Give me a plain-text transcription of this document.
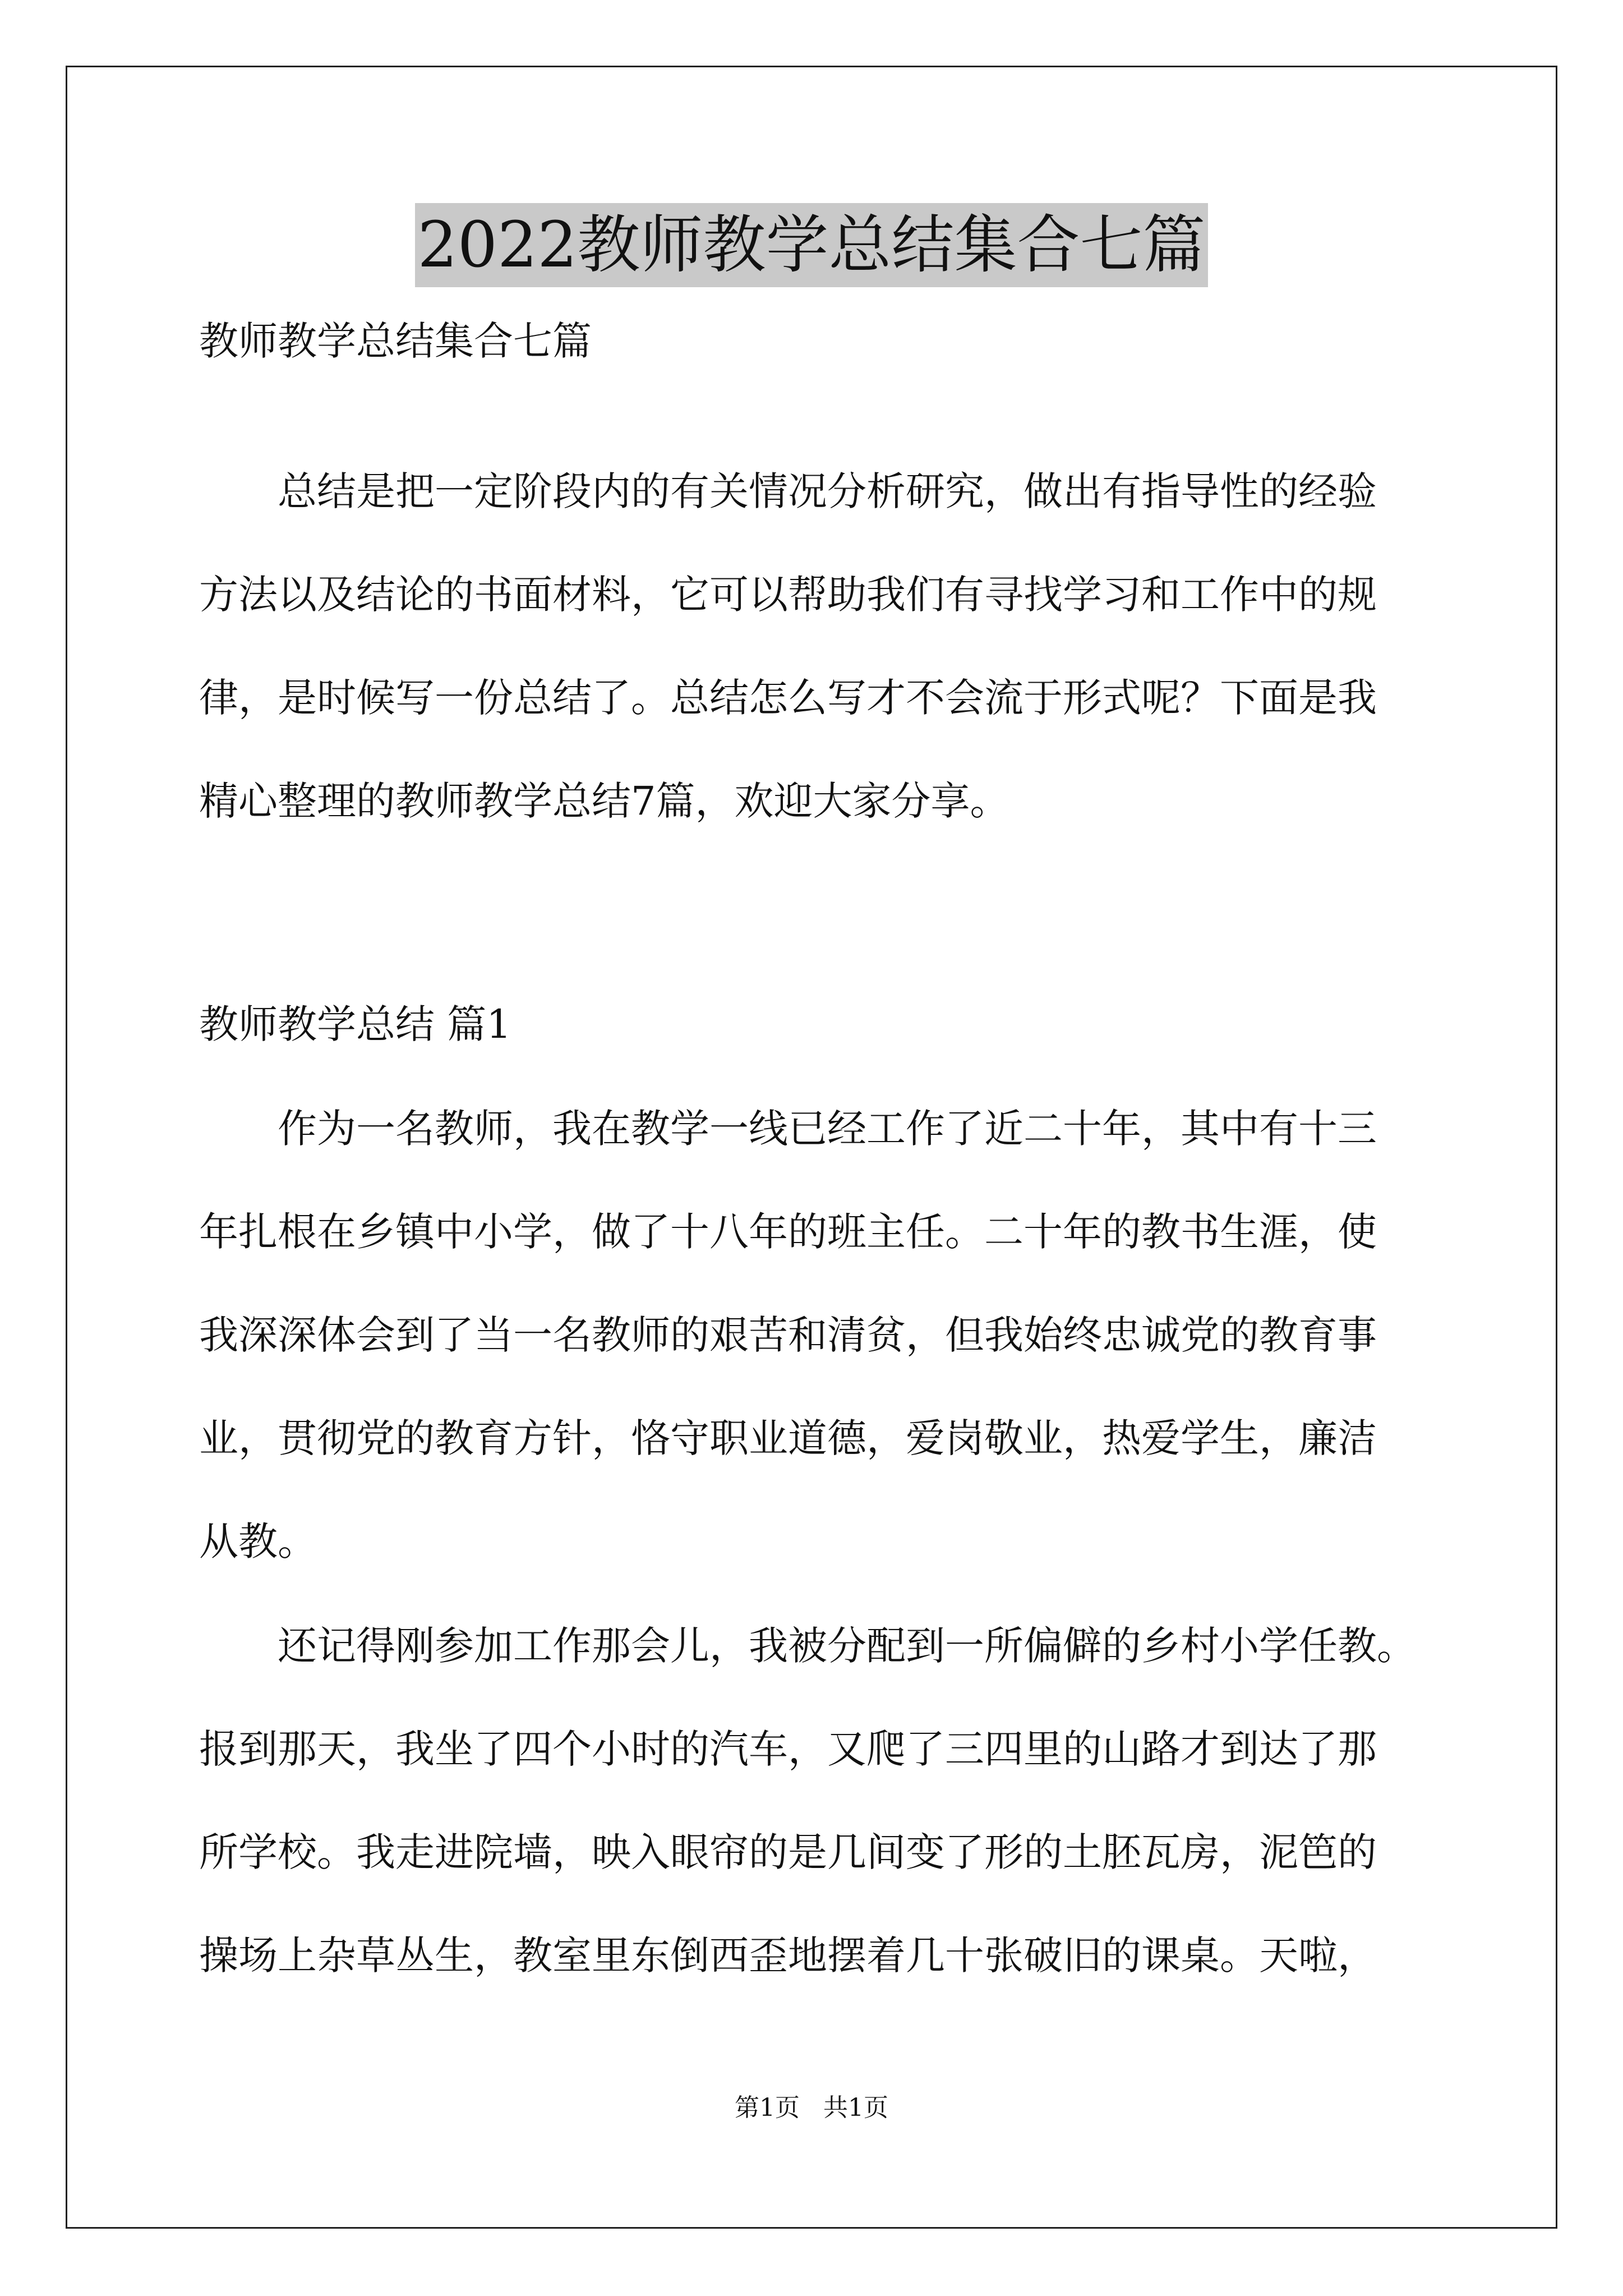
2022教师教学总结集合七篇
教师教学总结集合七篇
　　总结是把一定阶段内的有关情况分析研究，做出有指导性的经验
方法以及结论的书面材料，它可以帮助我们有寻找学习和工作中的规
律，是时候写一份总结了。总结怎么写才不会流于形式呢？下面是我
精心整理的教师教学总结7篇，欢迎大家分享。
教师教学总结 篇1
　　作为一名教师，我在教学一线已经工作了近二十年，其中有十三
年扎根在乡镇中小学，做了十八年的班主任。二十年的教书生涯，使
我深深体会到了当一名教师的艰苦和清贫，但我始终忠诚党的教育事
业，贯彻党的教育方针，恪守职业道德，爱岗敬业，热爱学生，廉洁
从教。
　　还记得刚参加工作那会儿，我被分配到一所偏僻的乡村小学任教。
报到那天，我坐了四个小时的汽车，又爬了三四里的山路才到达了那
所学校。我走进院墙，映入眼帘的是几间变了形的土胚瓦房，泥笆的
操场上杂草丛生，教室里东倒西歪地摆着几十张破旧的课桌。天啦，
第1页 共1页
